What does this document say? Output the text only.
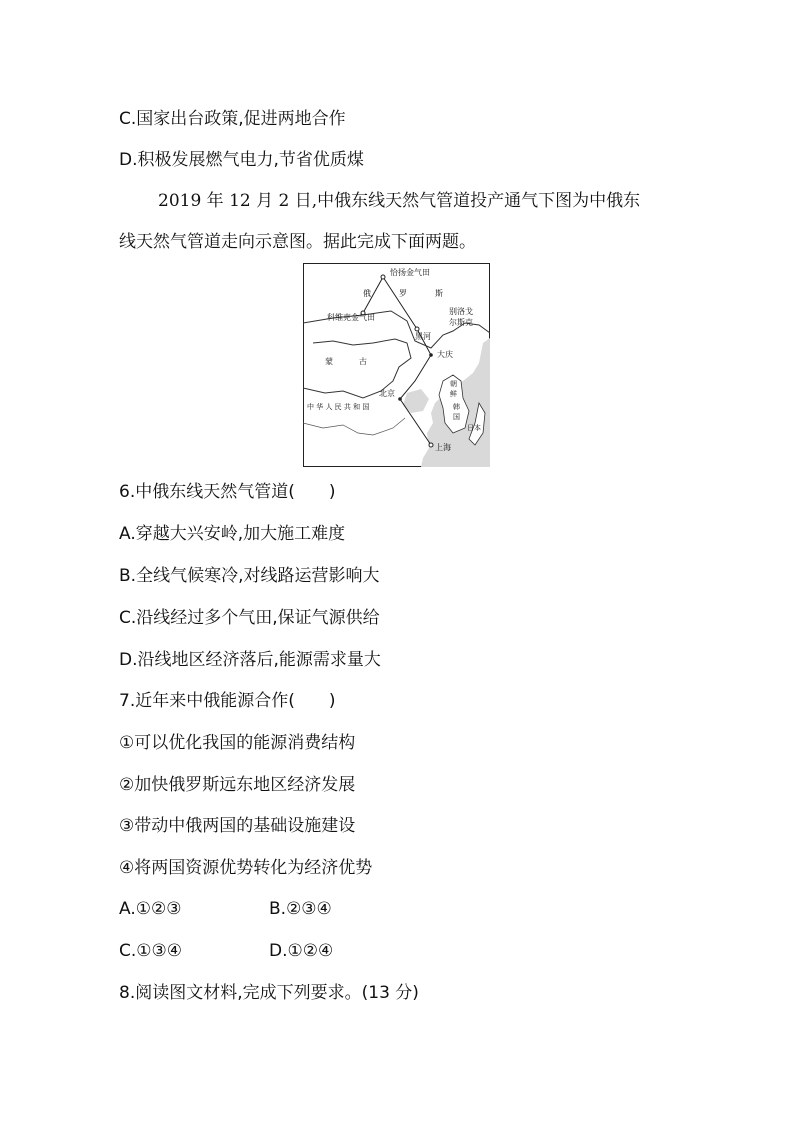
C.国家出台政策,促进两地合作
D.积极发展燃气电力,节省优质煤
2019 年 12 月 2 日,中俄东线天然气管道投产通气下图为中俄东
线天然气管道走向示意图。据此完成下面两题。
恰扬金气田
俄	罗	斯
科维克金气田
别洛戈
尔斯克
黑河
大庆
蒙	古
北京
中 华 人 民 共 和 国
上海
朝
鲜
韩
国
日本
6.中俄东线天然气管道(　　)
A.穿越大兴安岭,加大施工难度
B.全线气候寒冷,对线路运营影响大
C.沿线经过多个气田,保证气源供给
D.沿线地区经济落后,能源需求量大
7.近年来中俄能源合作(　　)
①可以优化我国的能源消费结构
②加快俄罗斯远东地区经济发展
③带动中俄两国的基础设施建设
④将两国资源优势转化为经济优势
A.①②③	B.②③④
C.①③④	D.①②④
8.阅读图文材料,完成下列要求。(13 分)
